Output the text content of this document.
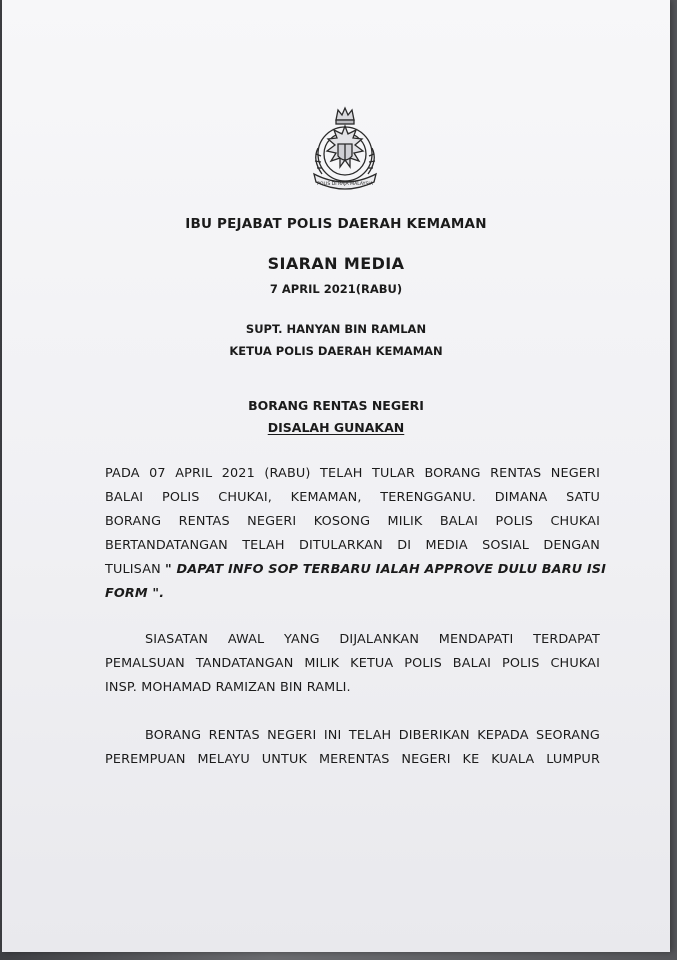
POLIS DI RAJA MALAYSIA
IBU PEJABAT POLIS DAERAH KEMAMAN
SIARAN MEDIA
7 APRIL 2021(RABU)
SUPT. HANYAN BIN RAMLAN
KETUA POLIS DAERAH KEMAMAN
BORANG RENTAS NEGERI
DISALAH GUNAKAN
PADA 07 APRIL 2021 (RABU) TELAH TULAR BORANG RENTAS NEGERI
BALAI POLIS CHUKAI, KEMAMAN, TERENGGANU. DIMANA SATU
BORANG RENTAS NEGERI KOSONG MILIK BALAI POLIS CHUKAI
BERTANDATANGAN TELAH DITULARKAN DI MEDIA SOSIAL DENGAN
TULISAN " DAPAT INFO SOP TERBARU IALAH APPROVE DULU BARU ISI
FORM ".
SIASATAN AWAL YANG DIJALANKAN MENDAPATI TERDAPAT
PEMALSUAN TANDATANGAN MILIK KETUA POLIS BALAI POLIS CHUKAI
INSP. MOHAMAD RAMIZAN BIN RAMLI.
BORANG RENTAS NEGERI INI TELAH DIBERIKAN KEPADA SEORANG
PEREMPUAN MELAYU UNTUK MERENTAS NEGERI KE KUALA LUMPUR
